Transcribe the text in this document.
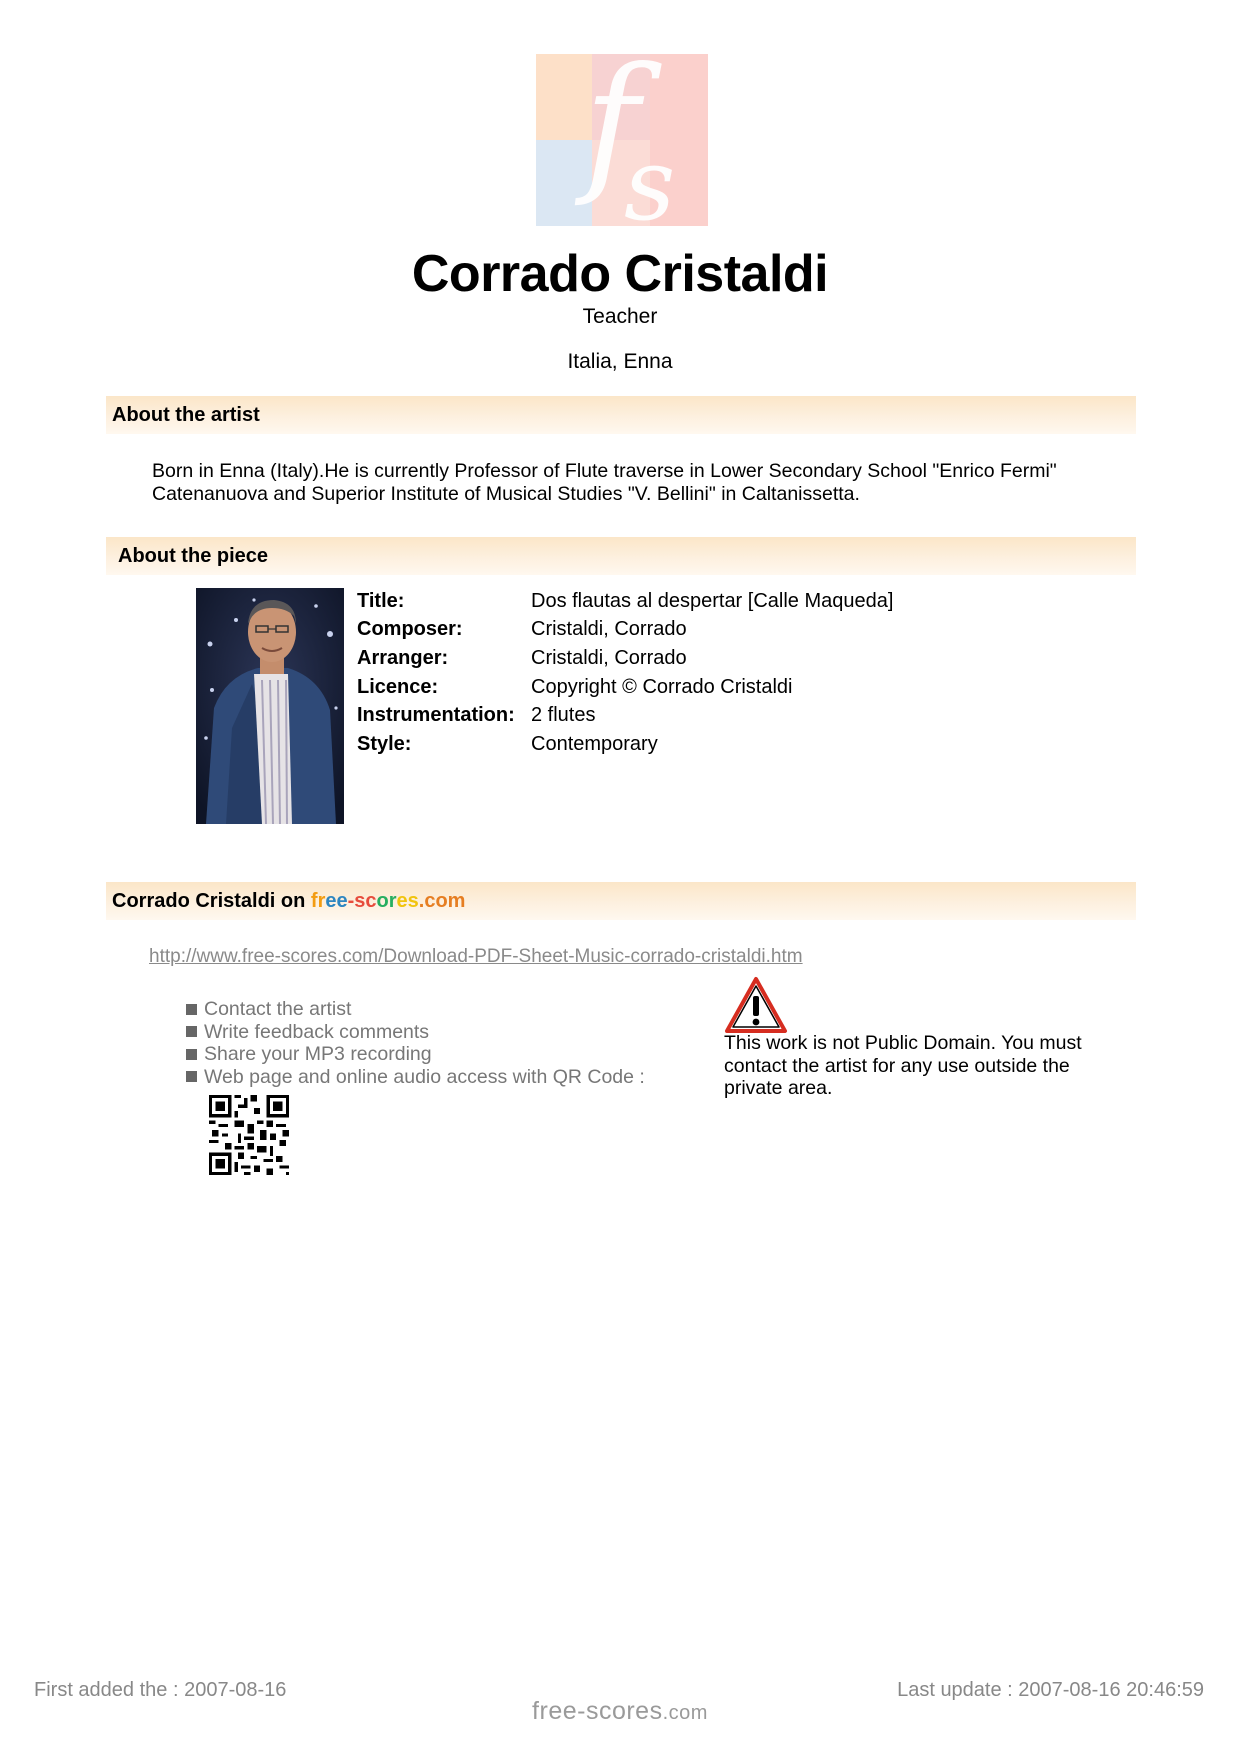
f
s
Corrado Cristaldi
Teacher
Italia, Enna
About the artist
Born in Enna (Italy).He is currently Professor of Flute traverse in Lower Secondary School "Enrico Fermi" Catenanuova and Superior Institute of Musical Studies "V. Bellini" in Caltanissetta.
About the piece
Title:	Dos flautas al despertar [Calle Maqueda]
Composer:	Cristaldi, Corrado
Arranger:	Cristaldi, Corrado
Licence:	Copyright © Corrado Cristaldi
Instrumentation: 2 flutes
Style:	Contemporary
Corrado Cristaldi on free-scores.com
http://www.free-scores.com/Download-PDF-Sheet-Music-corrado-cristaldi.htm
Contact the artist
Write feedback comments
Share your MP3 recording
Web page and online audio access with QR Code :
This work is not Public Domain. You must contact the artist for any use outside the private area.
First added the : 2007-08-16
free-scores.com
Last update : 2007-08-16 20:46:59
